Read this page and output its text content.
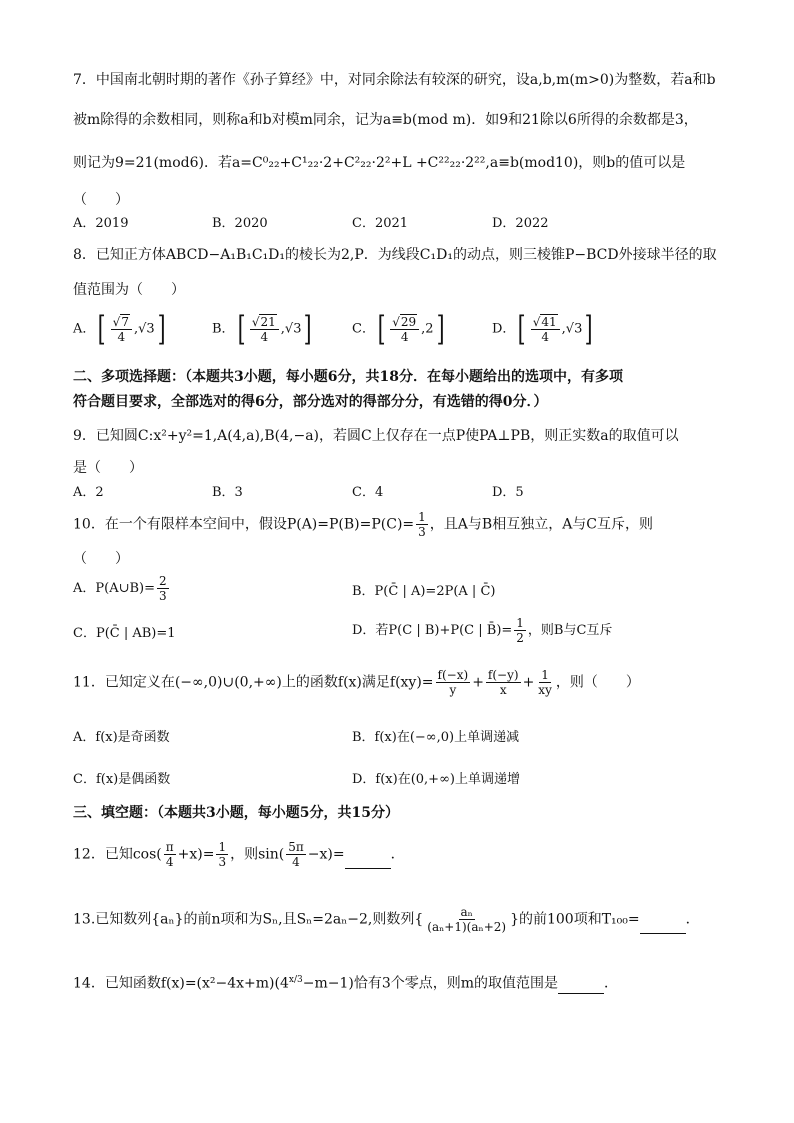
7．中国南北朝时期的著作《孙子算经》中，对同余除法有较深的研究，设a,b,m(m>0)为整数，若a和b
被m除得的余数相同，则称a和b对模m同余，记为a≡b(mod m)．如9和21除以6所得的余数都是3，
则记为9=21(mod6)．若a=C⁰₂₂+C¹₂₂·2+C²₂₂·2²+L +C²²₂₂·2²²,a≡b(mod10)，则b的值可以是
（　　）
A．2019	B．2020	C．2021	D．2022
8．已知正方体ABCD−A₁B₁C₁D₁的棱长为2,P．为线段C₁D₁的动点，则三棱锥P−BCD外接球半径的取
值范围为（　　）
A．[ $\frac{√7}{4} ,√3$]	B．[ $\frac{√21}{4} ,√3$]	C．[ $\frac{√29}{4} ,2$]	D．[ $\frac{√41}{4} ,√3$]
二、多项选择题：（本题共3小题，每小题6分，共18分．在每小题给出的选项中，有多项
符合题目要求，全部选对的得6分，部分选对的得部分分，有选错的得0分．）
9．已知圆C:x²+y²=1,A(4,a),B(4,−a)，若圆C上仅存在一点P使PA⊥PB，则正实数a的取值可以
是（　　）
A．2	B．3	C．4	D．5
10．在一个有限样本空间中，假设$P(A)=P(B)=P(C)= \frac{1}{3}$ ，且A与B相互独立，A与C互斥，则
（　　）
A．P(A∪B)= $\frac{2}{3}$	B．P(C̄ | A)=2P(A | C̄)
C．P(C̄ | AB)=1	D．若P(C | B)+P(C | B̄)= $\frac{1}{2}$ ，则B与C互斥
11．已知定义在(−∞,0)∪(0,+∞)上的函数f(x)满足$f(xy)= \frac{f(-x)}{y} + \frac{f(-y)}{x} + \frac{1}{xy}$ ，则（　　）
A．f(x)是奇函数	B．f(x)在(−∞,0)上单调递减
C．f(x)是偶函数	D．f(x)在(0,+∞)上单调递增
三、填空题：（本题共3小题，每小题5分，共15分）
12．已知$\cos( \frac{\pi}{4} +x)= \frac{1}{3}$ ，则$\sin( \frac{5\pi}{4} -x)=$	．
13.已知数列{aₙ}的前n项和为Sₙ,且Sₙ=2aₙ−2,则数列{ $\frac{\text{aₙ}}{\text{(aₙ+1)(aₙ+2)}}$ }的前100项和T₁₀₀=	．
14．已知函数$f(x)=(x^2-4x+m)(4^{x/3}-m-1)$恰有3个零点，则m的取值范围是	．
